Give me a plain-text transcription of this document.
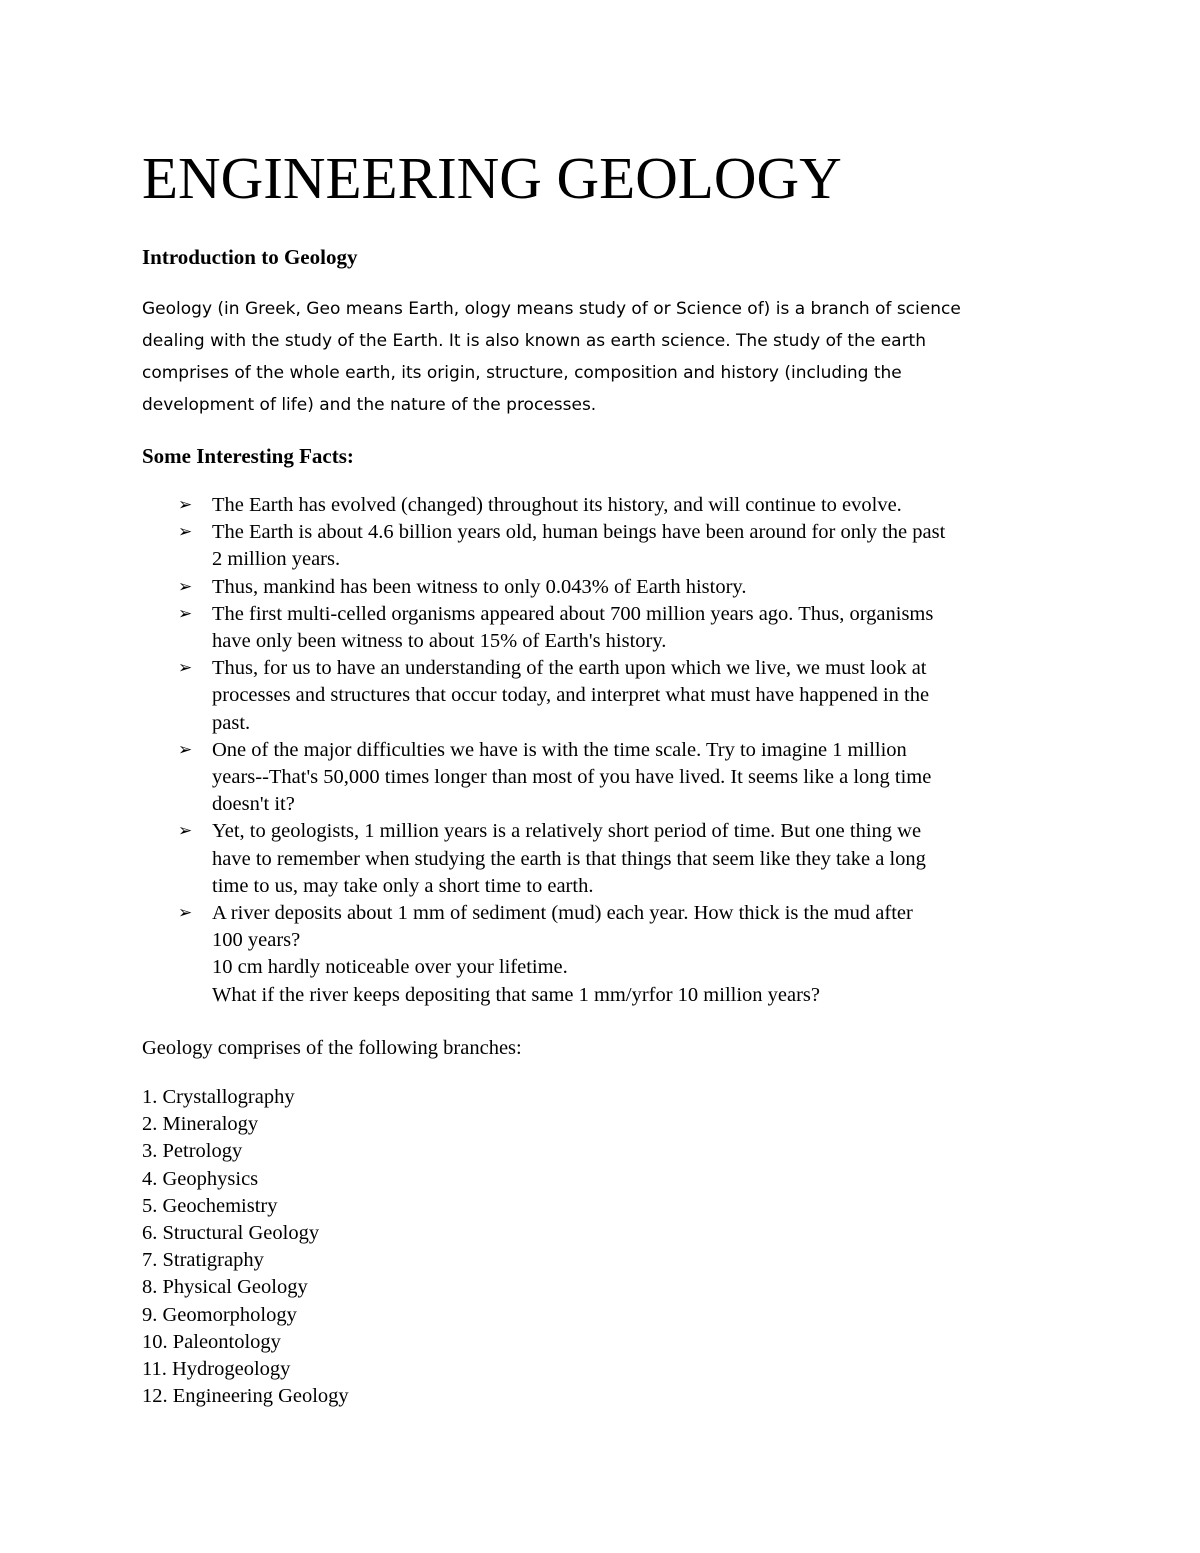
ENGINEERING GEOLOGY
Introduction to Geology

Geology (in Greek, Geo means Earth, ology means study of or Science of) is a branch of science
dealing with the study of the Earth. It is also known as earth science. The study of the earth
comprises of the whole earth, its origin, structure, composition and history (including the
development of life) and the nature of the processes.

Some Interesting Facts:
➢ The Earth has evolved (changed) throughout its history, and will continue to evolve.
➢ The Earth is about 4.6 billion years old, human beings have been around for only the past
2 million years.
➢ Thus, mankind has been witness to only 0.043% of Earth history.
➢ The first multi-celled organisms appeared about 700 million years ago. Thus, organisms
have only been witness to about 15% of Earth's history.
➢ Thus, for us to have an understanding of the earth upon which we live, we must look at
processes and structures that occur today, and interpret what must have happened in the
past.
➢ One of the major difficulties we have is with the time scale. Try to imagine 1 million
years--That's 50,000 times longer than most of you have lived. It seems like a long time
doesn't it?
➢ Yet, to geologists, 1 million years is a relatively short period of time. But one thing we
have to remember when studying the earth is that things that seem like they take a long
time to us, may take only a short time to earth.
➢ A river deposits about 1 mm of sediment (mud) each year. How thick is the mud after
100 years?
10 cm hardly noticeable over your lifetime.
What if the river keeps depositing that same 1 mm/yrfor 10 million years?

Geology comprises of the following branches:

1. Crystallography
2. Mineralogy
3. Petrology
4. Geophysics
5. Geochemistry
6. Structural Geology
7. Stratigraphy
8. Physical Geology
9. Geomorphology
10. Paleontology
11. Hydrogeology
12. Engineering Geology
